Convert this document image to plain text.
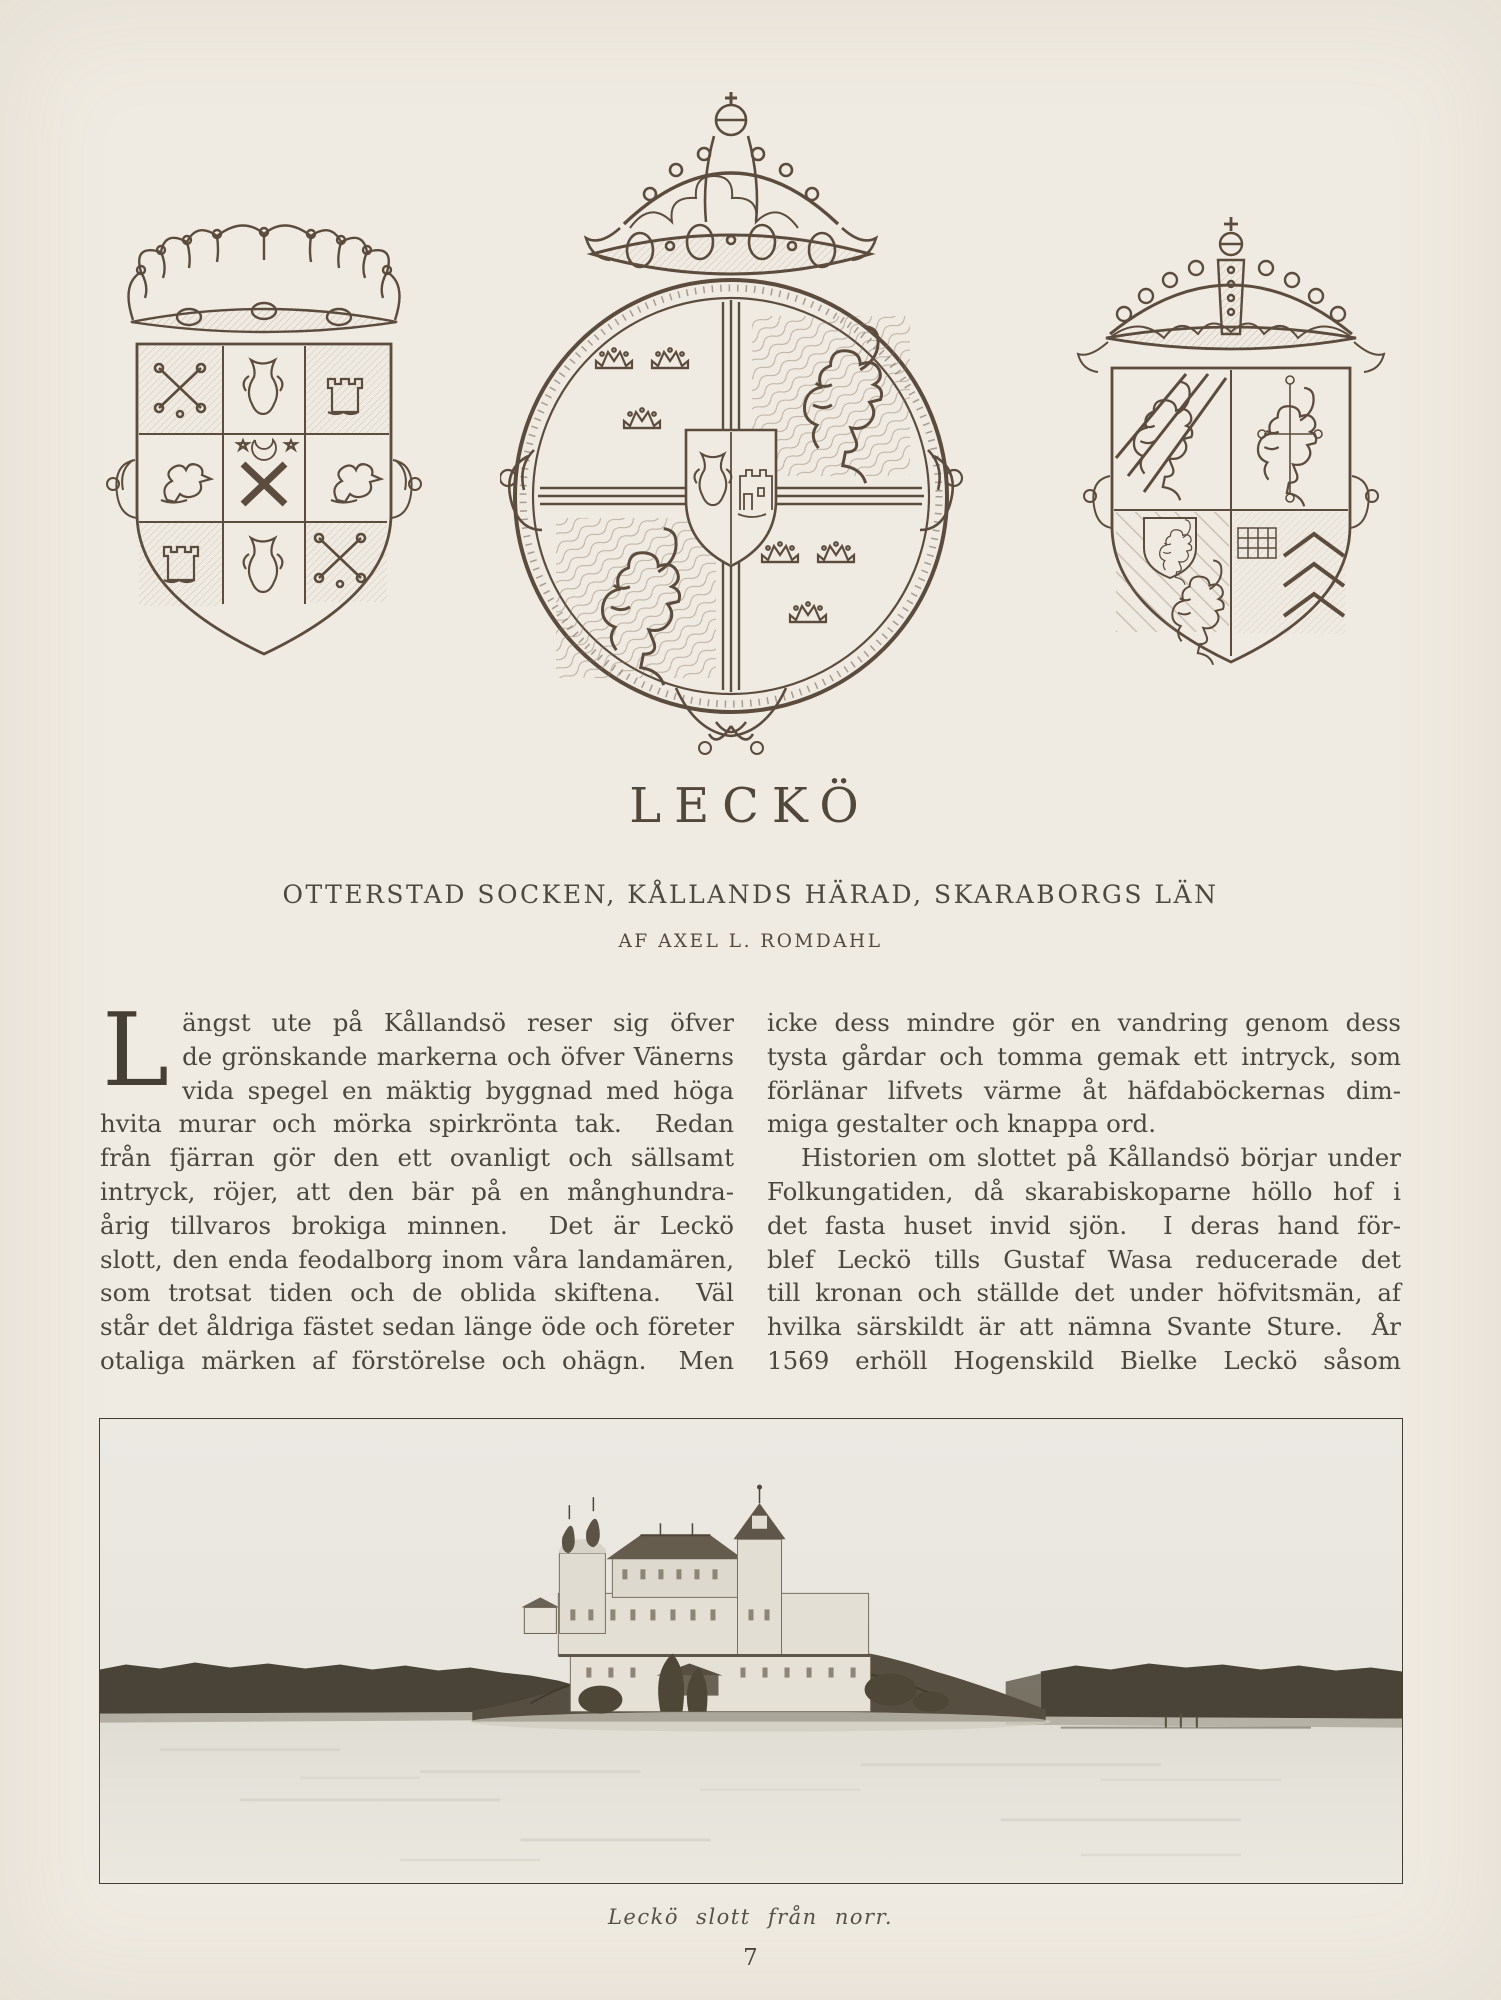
LECKÖ
OTTERSTAD SOCKEN, KÅLLANDS HÄRAD, SKARABORGS LÄN
AF AXEL L. ROMDAHL
L ängst  ute  på  Kållandsö  reser  sig  öfver
de grönskande markerna och öfver Vänerns
vida spegel en mäktig byggnad med höga
hvita murar och mörka spirkrönta tak.  Redan
från fjärran gör den ett ovanligt och sällsamt
intryck, röjer, att den bär på en månghundra-
årig tillvaros brokiga minnen.  Det är Leckö
slott, den enda feodalborg inom våra landamären,
som trotsat tiden och de oblida skiftena.  Väl
står det åldriga fästet sedan länge öde och företer
otaliga märken af förstörelse och ohägn.  Men
icke dess mindre gör en vandring genom dess
tysta gårdar och tomma gemak ett intryck, som
förlänar lifvets värme åt häfdaböckernas dim-
miga gestalter och knappa ord.
Historien om slottet på Kållandsö börjar under
Folkungatiden, då skarabiskoparne höllo hof i
det fasta huset invid sjön.  I deras hand för-
blef Leckö tills Gustaf Wasa reducerade det
till kronan och ställde det under höfvitsmän, af
hvilka särskildt är att nämna Svante Sture.  År
1569 erhöll Hogenskild Bielke Leckö såsom
Leckö slott från norr.
7
